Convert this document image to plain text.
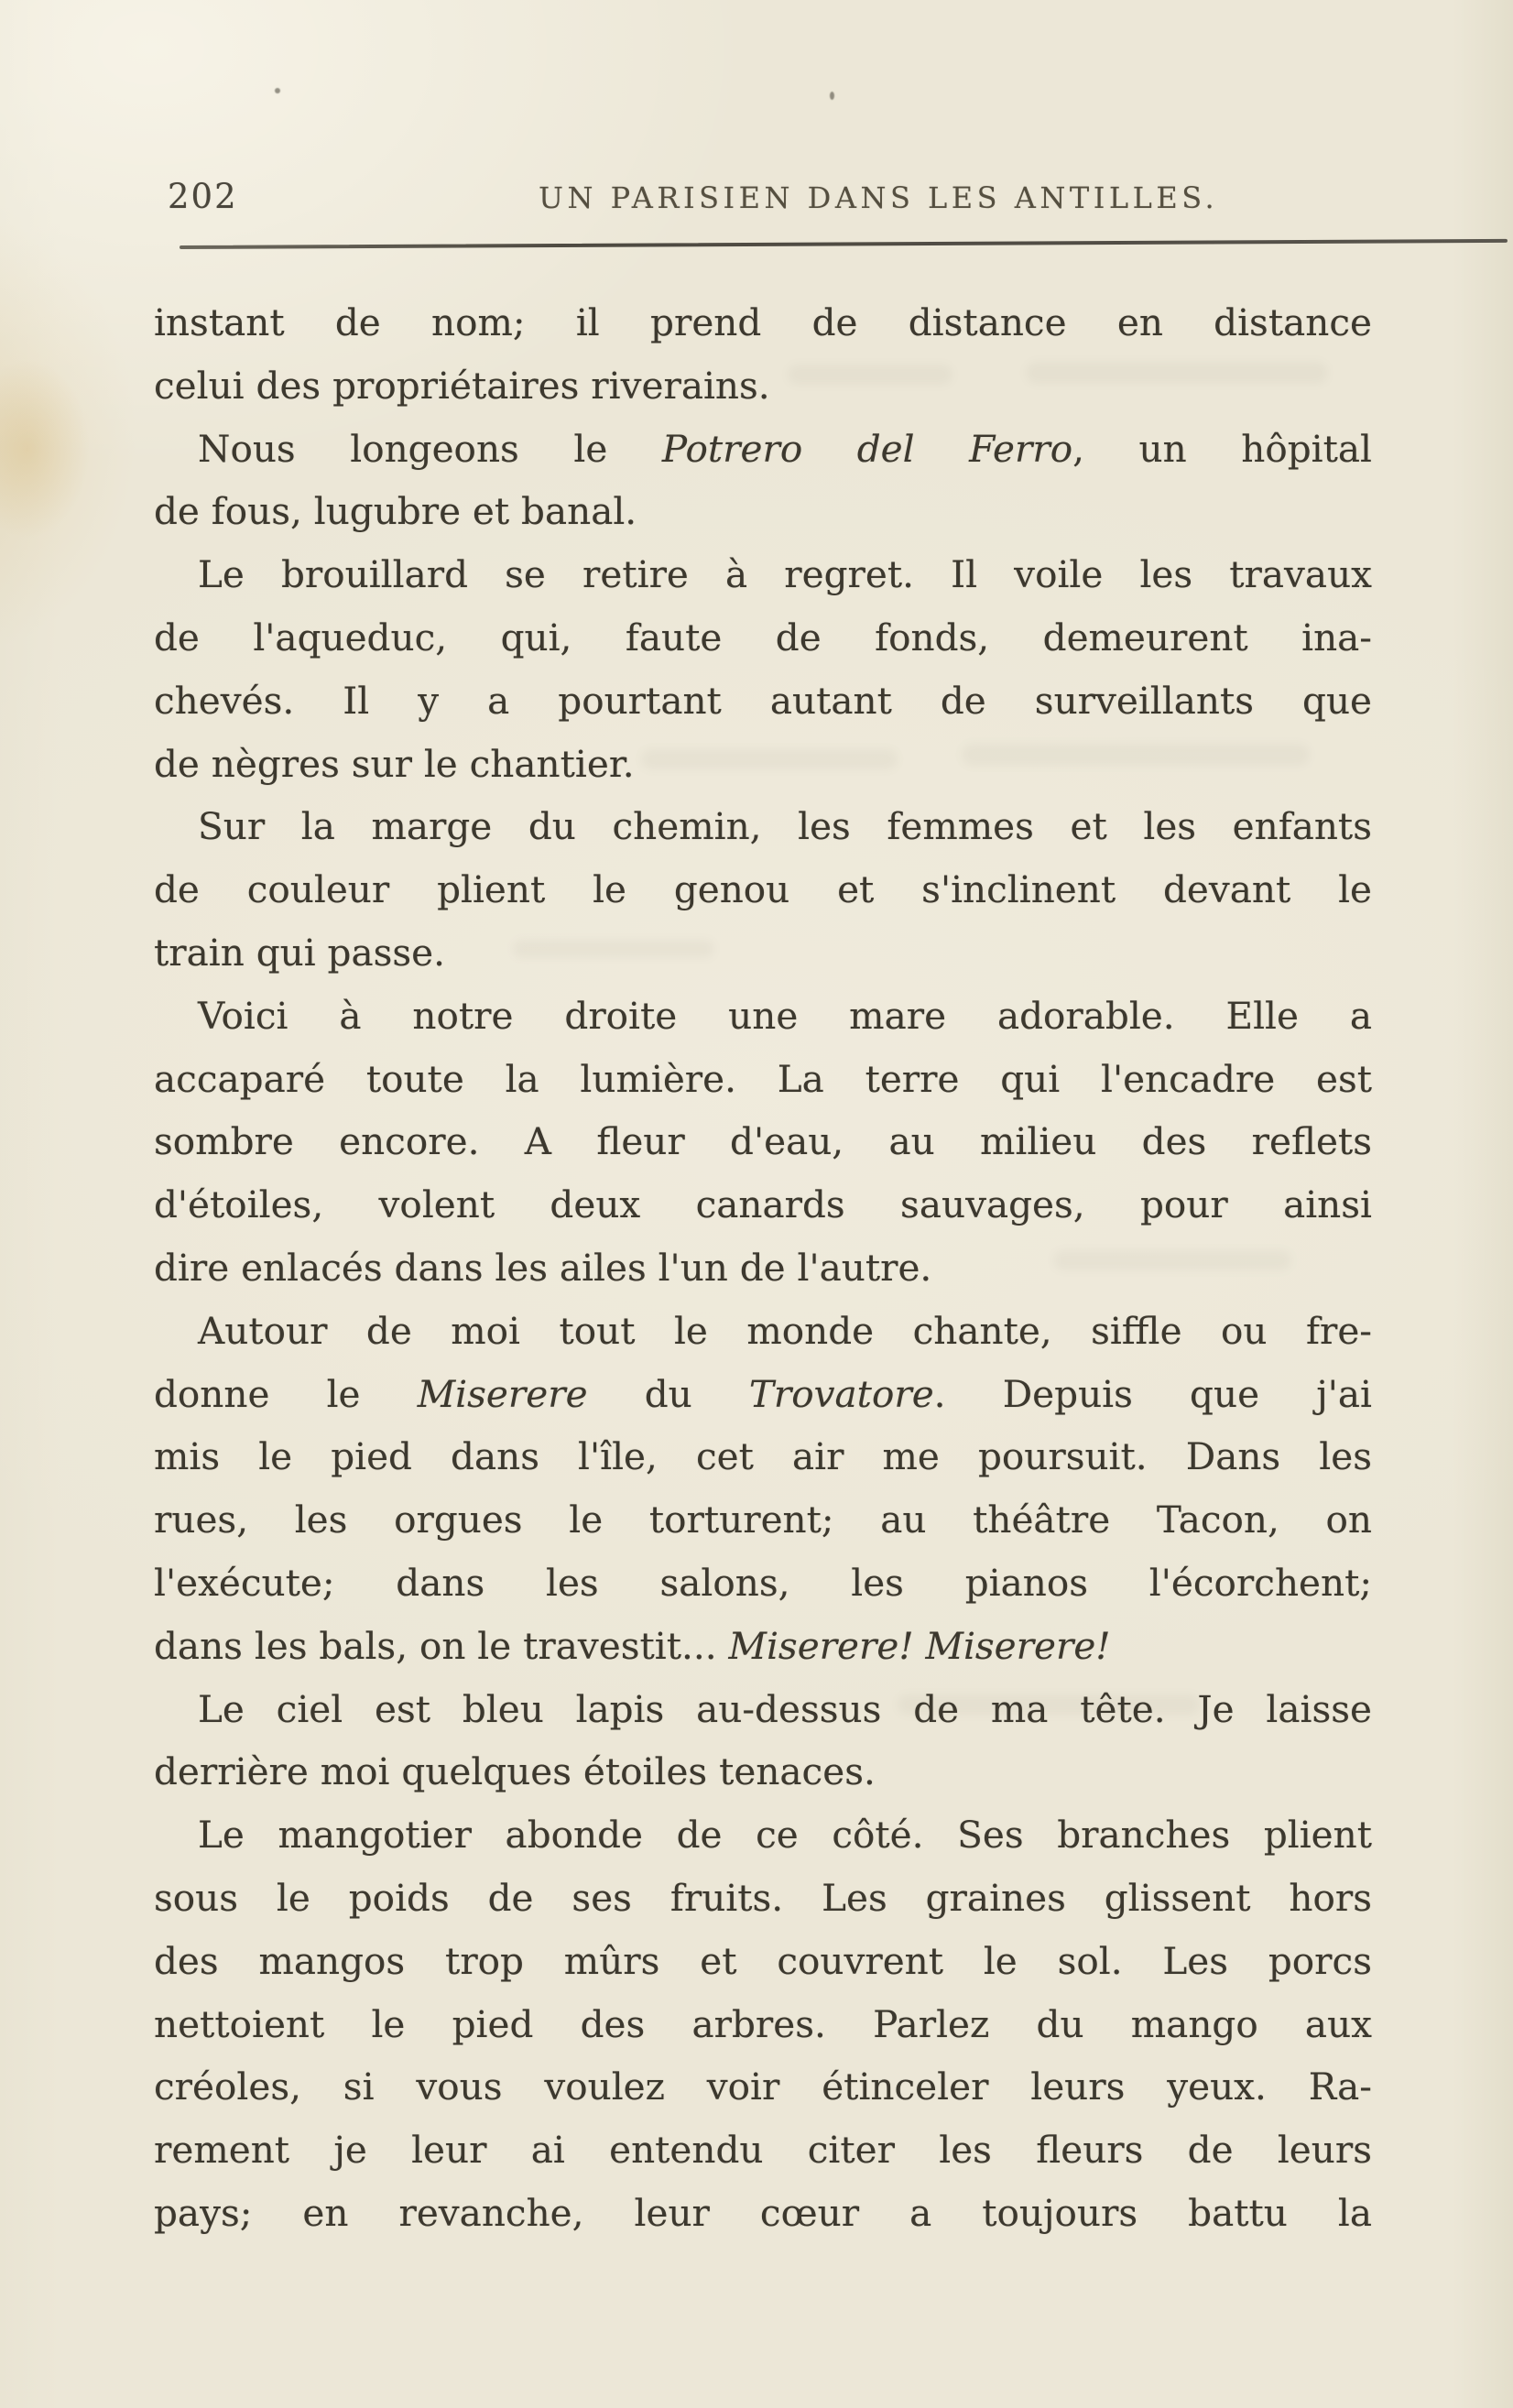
202	UN PARISIEN DANS LES ANTILLES.
instant de nom; il prend de distance en distance
celui des propriétaires riverains.
Nous longeons le Potrero del Ferro, un hôpital
de fous, lugubre et banal.
Le brouillard se retire à regret. Il voile les travaux
de l'aqueduc, qui, faute de fonds, demeurent ina-
chevés. Il y a pourtant autant de surveillants que
de nègres sur le chantier.
Sur la marge du chemin, les femmes et les enfants
de couleur plient le genou et s'inclinent devant le
train qui passe.
Voici à notre droite une mare adorable. Elle a
accaparé toute la lumière. La terre qui l'encadre est
sombre encore. A fleur d'eau, au milieu des reflets
d'étoiles, volent deux canards sauvages, pour ainsi
dire enlacés dans les ailes l'un de l'autre.
Autour de moi tout le monde chante, siffle ou fre-
donne le Miserere du Trovatore. Depuis que j'ai
mis le pied dans l'île, cet air me poursuit. Dans les
rues, les orgues le torturent; au théâtre Tacon, on
l'exécute; dans les salons, les pianos l'écorchent;
dans les bals, on le travestit... Miserere! Miserere!
Le ciel est bleu lapis au-dessus de ma tête. Je laisse
derrière moi quelques étoiles tenaces.
Le mangotier abonde de ce côté. Ses branches plient
sous le poids de ses fruits. Les graines glissent hors
des mangos trop mûrs et couvrent le sol. Les porcs
nettoient le pied des arbres. Parlez du mango aux
créoles, si vous voulez voir étinceler leurs yeux. Ra-
rement je leur ai entendu citer les fleurs de leurs
pays; en revanche, leur cœur a toujours battu la
